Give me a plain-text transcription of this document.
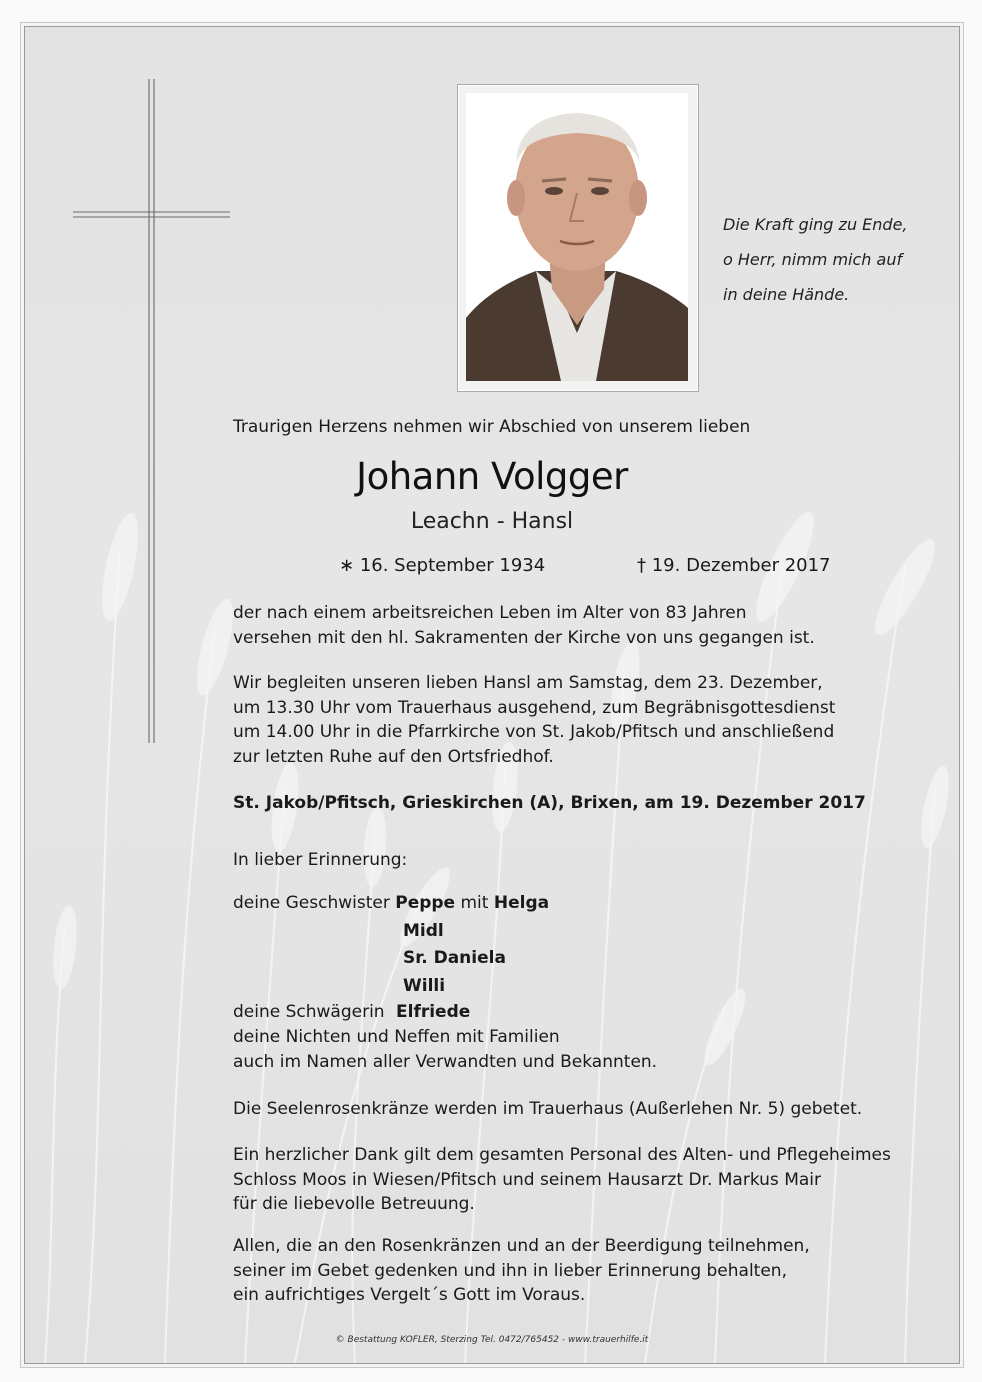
Die Kraft ging zu Ende,
o Herr, nimm mich auf
in deine Hände.
Traurigen Herzens nehmen wir Abschied von unserem lieben
Johann Volgger
Leachn - Hansl
∗ 16. September 1934	† 19. Dezember 2017
der nach einem arbeitsreichen Leben im Alter von 83 Jahren
versehen mit den hl. Sakramenten der Kirche von uns gegangen ist.
Wir begleiten unseren lieben Hansl am Samstag, dem 23. Dezember,
um 13.30 Uhr vom Trauerhaus ausgehend, zum Begräbnisgottesdienst
um 14.00 Uhr in die Pfarrkirche von St. Jakob/Pfitsch und anschließend
zur letzten Ruhe auf den Ortsfriedhof.
St. Jakob/Pfitsch, Grieskirchen (A), Brixen, am 19. Dezember 2017
In lieber Erinnerung:
deine Geschwister Peppe mit Helga
Midl
Sr. Daniela
Willi
deine Schwägerin Elfriede
deine Nichten und Neffen mit Familien
auch im Namen aller Verwandten und Bekannten.
Die Seelenrosenkränze werden im Trauerhaus (Außerlehen Nr. 5) gebetet.
Ein herzlicher Dank gilt dem gesamten Personal des Alten- und Pflegeheimes
Schloss Moos in Wiesen/Pfitsch und seinem Hausarzt Dr. Markus Mair
für die liebevolle Betreuung.
Allen, die an den Rosenkränzen und an der Beerdigung teilnehmen,
seiner im Gebet gedenken und ihn in lieber Erinnerung behalten,
ein aufrichtiges Vergelt´s Gott im Voraus.
© Bestattung KOFLER, Sterzing Tel. 0472/765452 - www.trauerhilfe.it
